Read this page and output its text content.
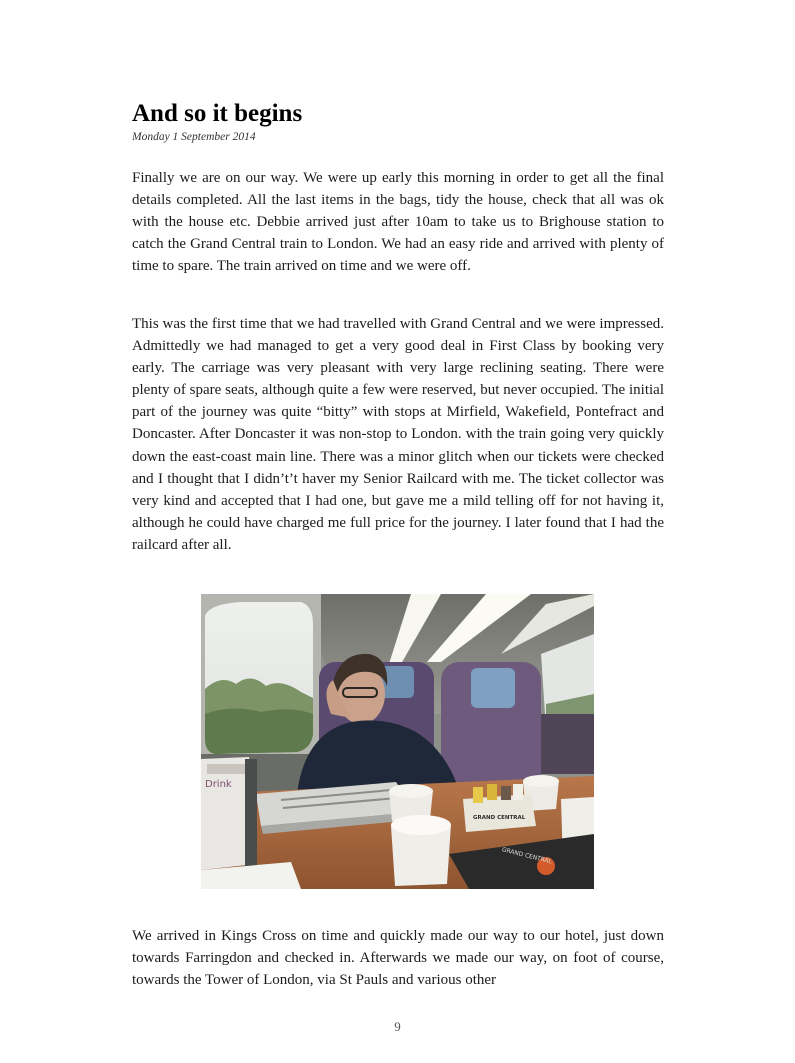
And so it begins
Monday 1 September 2014

Finally we are on our way. We were up early this morning in order to get all the final details completed. All the last items in the bags, tidy the house, check that all was ok with the house etc. Debbie arrived just after 10am to take us to Brighouse station to catch the Grand Central train to London. We had an easy ride and arrived with plenty of time to spare. The train arrived on time and we were off.

This was the first time that we had travelled with Grand Central and we were impressed. Admittedly we had managed to get a very good deal in First Class by booking very early. The carriage was very pleasant with very large reclining seating. There were plenty of spare seats, although quite a few were reserved, but never occupied. The initial part of the journey was quite “bitty” with stops at Mirfield, Wakefield, Pontefract and Doncaster. After Doncaster it was non-stop to London. with the train going very quickly down the east-coast main line. There was a minor glitch when our tickets were checked and I thought that I didn’t’t haver my Senior Railcard with me. The ticket collector was very kind and accepted that I had one, but gave me a mild telling off for not having it, although he could have charged me full price for the journey. I later found that I had the railcard after all.

Drink
GRAND CENTRAL
GRAND CENTRAL

We arrived in Kings Cross on time and quickly made our way to our hotel, just down towards Farringdon and checked in. Afterwards we made our way, on foot of course, towards the Tower of London, via St Pauls and various other

9
